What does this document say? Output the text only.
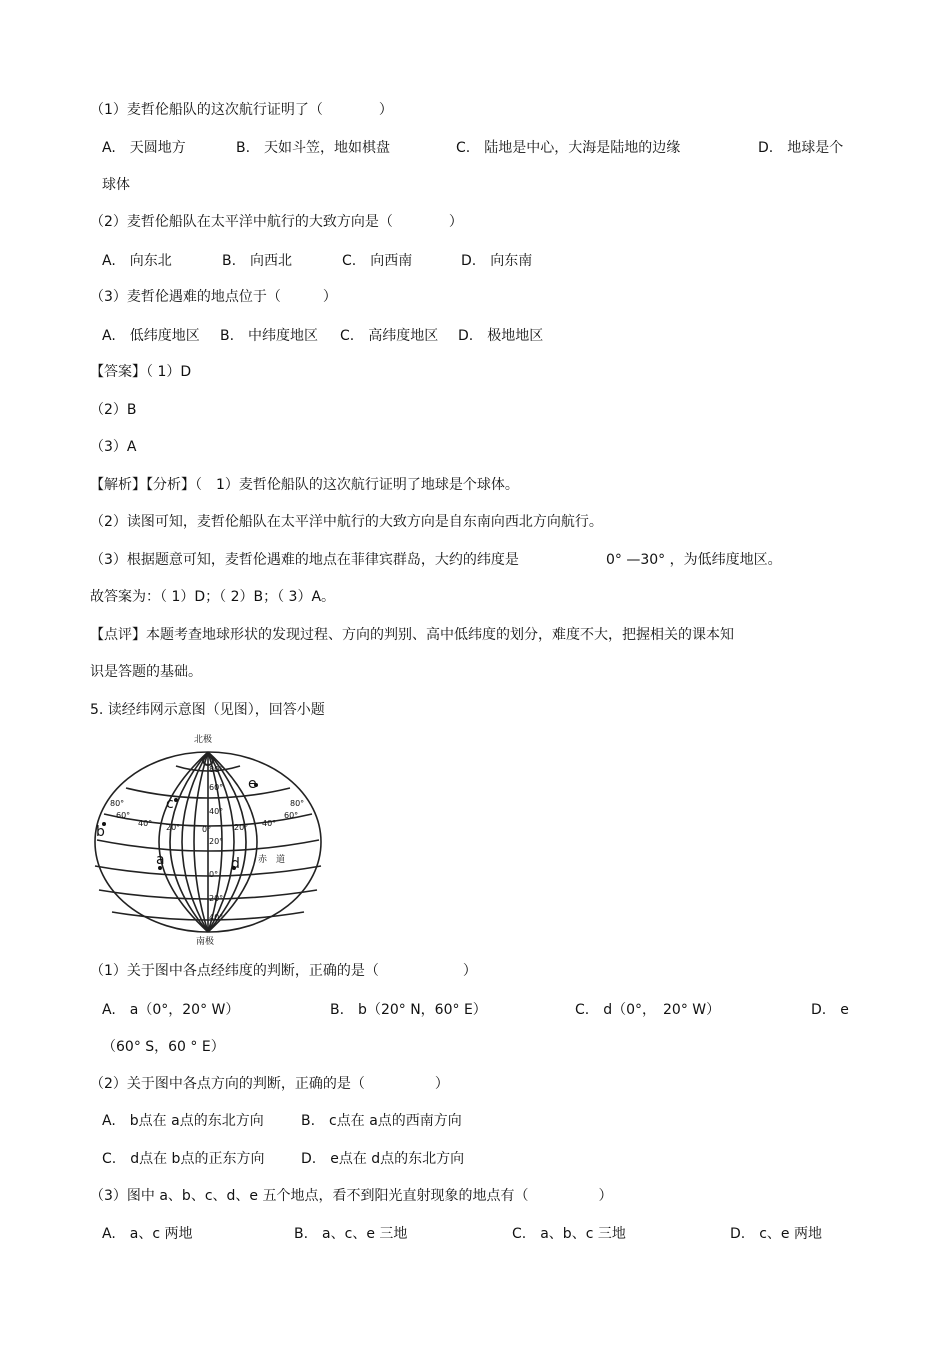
（1）麦哲伦船队的这次航行证明了（　　　　）
A.　天圆地方	B.　天如斗笠，地如棋盘	C.　陆地是中心，大海是陆地的边缘	D.　地球是个
球体
（2）麦哲伦船队在太平洋中航行的大致方向是（　　　　）
A.　向东北	B.　向西北	C.　向西南	D.　向东南
（3）麦哲伦遇难的地点位于（　　　）
A.　低纬度地区 B.　中纬度地区 C.　高纬度地区 D.　极地地区
【答案】（ 1）D
（2）B
（3）A
【解析】【分析】（　1）麦哲伦船队的这次航行证明了地球是个球体。
（2）读图可知，麦哲伦船队在太平洋中航行的大致方向是自东南向西北方向航行。
（3）根据题意可知，麦哲伦遇难的地点在菲律宾群岛，大约的纬度是	0° —30° ，为低纬度地区。
故答案为：（ 1）D；（ 2）B；（ 3）A。
【点评】本题考查地球形状的发现过程、方向的判别、高中低纬度的划分，难度不大，把握相关的课本知
识是答题的基础。
5. 读经纬网示意图（见图），回答小题
北极
南极
80°
60°
40°
20°
0°
20°
40°
80°
60°
40° 20°	0°	20° 40°
60°
80°
a
b
c
d
e
赤　道
（1）关于图中各点经纬度的判断，正确的是（　　　　　　）
A.　a（0°，20° W）	B.　b（20° N，60° E）	C.　d（0°，　20° W）	D.　e
（60° S，60 ° E）
（2）关于图中各点方向的判断，正确的是（　　　　　）
A.　b点在 a点的东北方向	B.　c点在 a点的西南方向
C.　d点在 b点的正东方向	D.　e点在 d点的东北方向
（3）图中 a、b、c、d、e 五个地点，看不到阳光直射现象的地点有（　　　　　）
A.　a、c 两地	B.　a、c、e 三地	C.　a、b、c 三地	D.　c、e 两地
